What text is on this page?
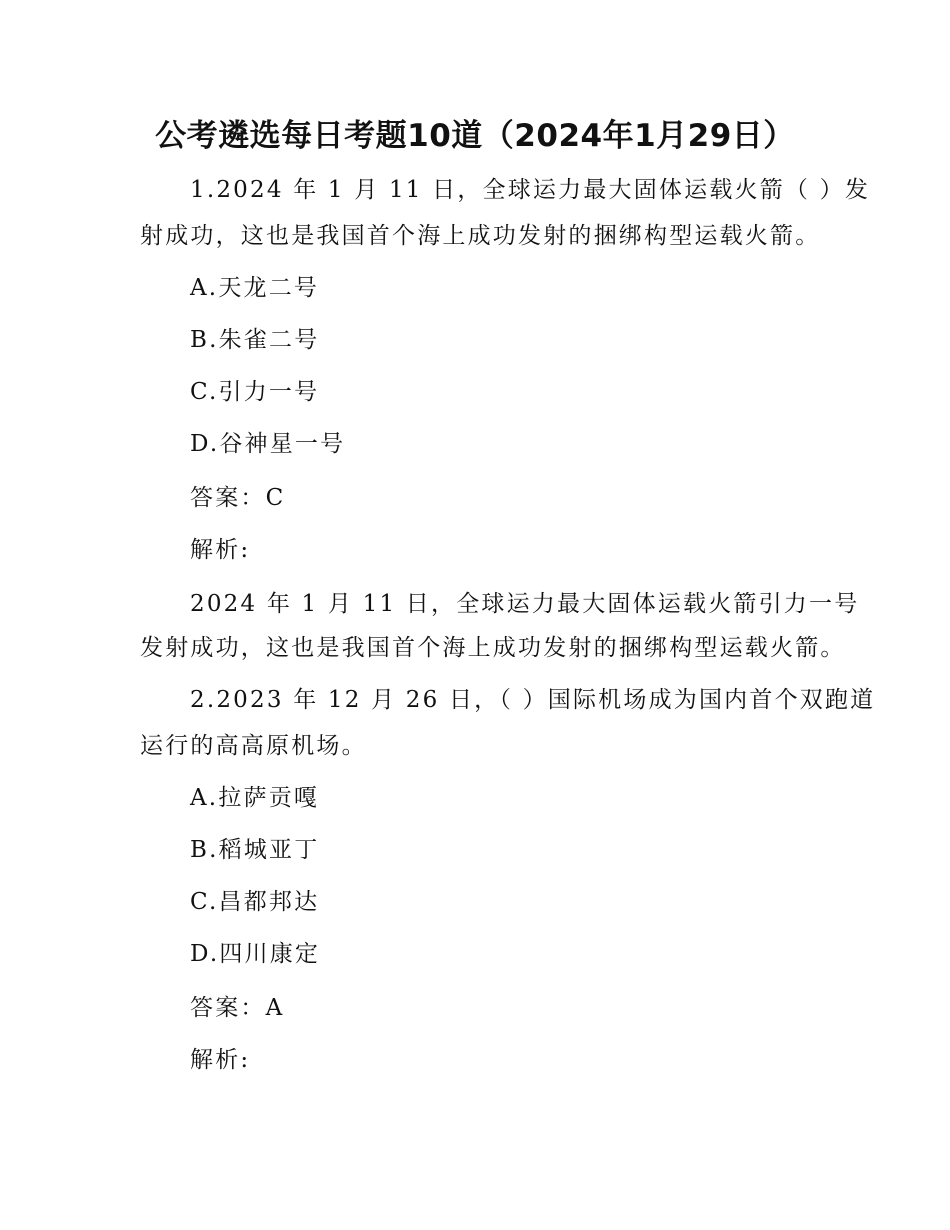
公考遴选每日考题10道（2024年1月29日）
1.2024 年 1 月 11 日，全球运力最大固体运载火箭（ ）发
射成功，这也是我国首个海上成功发射的捆绑构型运载火箭。
A.天龙二号
B.朱雀二号
C.引力一号
D.谷神星一号
答案：C
解析:
2024 年 1 月 11 日，全球运力最大固体运载火箭引力一号
发射成功，这也是我国首个海上成功发射的捆绑构型运载火箭。
2.2023 年 12 月 26 日，（ ）国际机场成为国内首个双跑道
运行的高高原机场。
A.拉萨贡嘎
B.稻城亚丁
C.昌都邦达
D.四川康定
答案：A
解析:
